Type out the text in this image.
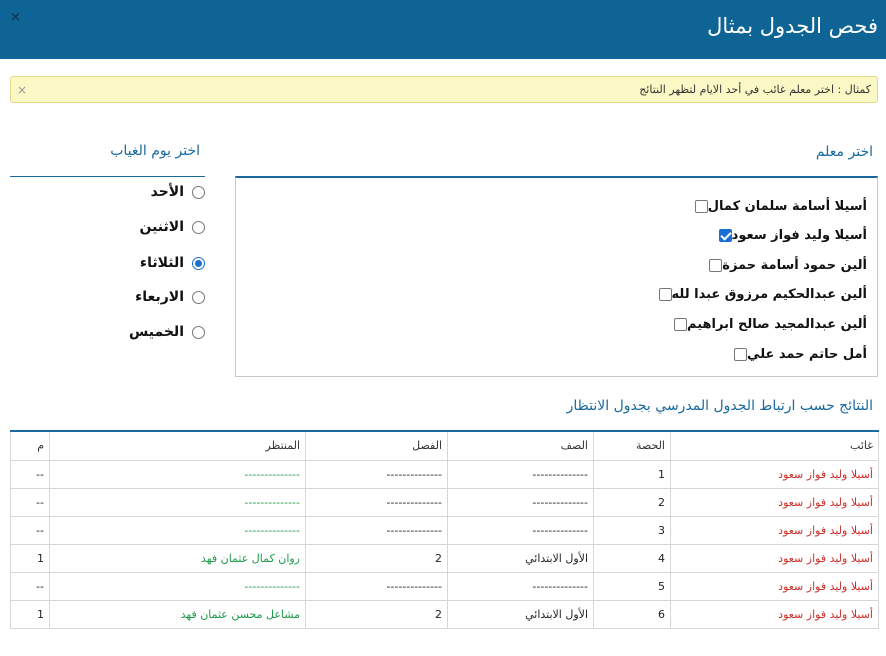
×	فحص الجدول بمثال
كمثال : اختر معلم غائب في أحد الايام لتظهر النتائج
×
اختر معلم
اختر يوم الغياب
أسيلا أسامة سلمان كمال
أسيلا وليد فواز سعود
ألين حمود أسامة حمزة
ألين عبدالحكيم مرزوق عبدا لله
ألين عبدالمجيد صالح ابراهيم
أمل حاتم حمد علي
الأحد
الاثنين
الثلاثاء
الاربعاء
الخميس
النتائج حسب ارتباط الجدول المدرسي بجدول الانتظار
غائب	الحصة	الصف	الفصل	المنتظر	م
أسيلا وليد فواز سعود	1	--------------	--------------	--------------	--
أسيلا وليد فواز سعود	2	--------------	--------------	--------------	--
أسيلا وليد فواز سعود	3	--------------	--------------	--------------	--
أسيلا وليد فواز سعود	4	الأول الابتدائي	2	روان كمال عثمان فهد	1
أسيلا وليد فواز سعود	5	--------------	--------------	--------------	--
أسيلا وليد فواز سعود	6	الأول الابتدائي	2	مشاعل محسن عثمان فهد	1
